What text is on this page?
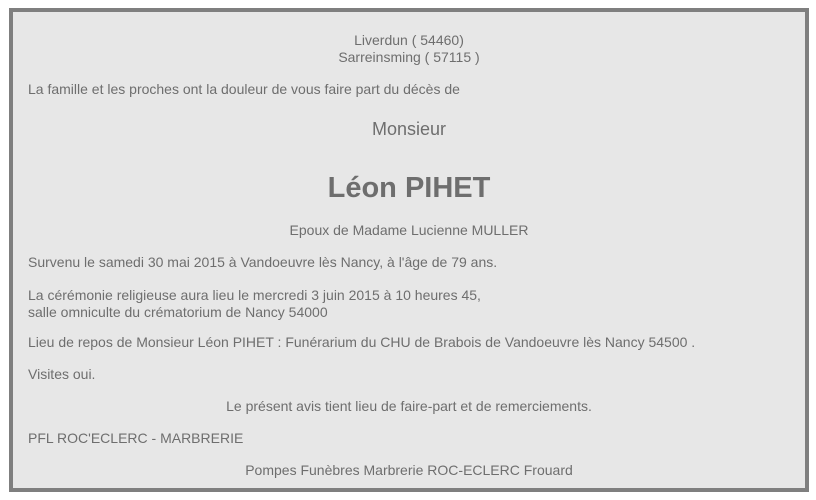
Liverdun ( 54460)
Sarreinsming ( 57115 )
La famille et les proches ont la douleur de vous faire part du décès de
Monsieur
Léon PIHET
Epoux de Madame Lucienne MULLER
Survenu le samedi 30 mai 2015 à Vandoeuvre lès Nancy, à l'âge de 79 ans.
La cérémonie religieuse aura lieu le mercredi 3 juin 2015 à 10 heures 45,
salle omniculte du crématorium de Nancy 54000
Lieu de repos de Monsieur Léon PIHET : Funérarium du CHU de Brabois de Vandoeuvre lès Nancy 54500 .
Visites oui.
Le présent avis tient lieu de faire-part et de remerciements.
PFL ROC'ECLERC - MARBRERIE
Pompes Funèbres Marbrerie ROC-ECLERC Frouard
